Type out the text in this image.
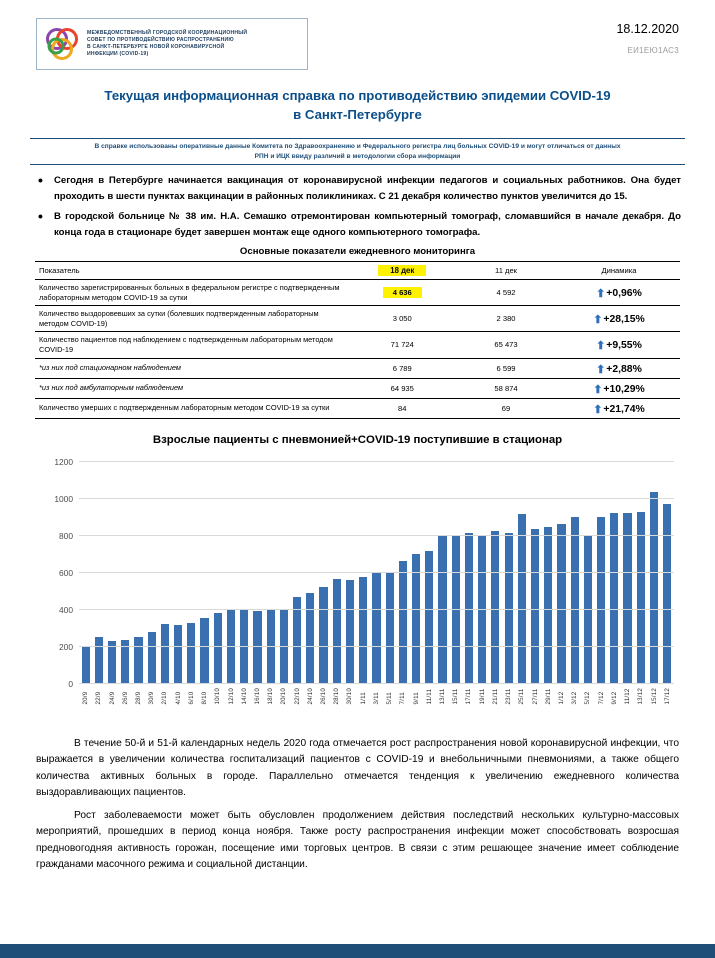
МЕЖВЕДОМСТВЕННЫЙ ГОРОДСКОЙ КООРДИНАЦИОННЫЙ
СОВЕТ ПО ПРОТИВОДЕЙСТВИЮ РАСПРОСТРАНЕНИЮ
В САНКТ-ПЕТЕРБУРГЕ НОВОЙ КОРОНАВИРУСНОЙ
ИНФЕКЦИИ (COVID-19)
18.12.2020
ЕИ1ЕЮ1АС3
Текущая информационная справка по противодействию эпидемии COVID-19
в Санкт-Петербурге
В справке использованы оперативные данные Комитета по Здравоохранению и Федерального регистра лиц больных COVID-19 и могут отличаться от данных
РПН и ИЦК ввиду различий в методологии сбора информации
• Сегодня в Петербурге начинается вакцинация от коронавирусной инфекции педагогов и социальных работников. Она будет проходить в шести пунктах вакцинации в районных поликлиниках. С 21 декабря количество пунктов увеличится до 15.
• В городской больнице № 38 им. Н.А. Семашко отремонтирован компьютерный томограф, сломавшийся в начале декабря. До конца года в стационаре будет завершен монтаж еще одного компьютерного томографа.
Основные показатели ежедневного мониторинга
Показатель	18 дек	11 дек	Динамика
Количество зарегистрированных больных в федеральном регистре с подтвержденным лабораторным методом COVID-19 за сутки	4 636	4 592	⬆+0,96%
Количество выздоровевших за сутки (болевших подтвержденным лабораторным методом COVID-19)	3 050	2 380	⬆+28,15%
Количество пациентов под наблюдением с подтвержденным лабораторным методом COVID-19	71 724	65 473	⬆+9,55%
*из них под стационарном наблюдением	6 789	6 599	⬆+2,88%
*из них под амбулаторным наблюдением	64 935	58 874	⬆+10,29%
Количество умерших с подтвержденным лабораторным методом COVID-19 за сутки	84	69	⬆+21,74%
Взрослые пациенты с пневмонией+COVID-19 поступившие в стационар
0
200
400
600
800
1000
1200
20/9 22/9 24/9 26/9 28/9 30/9 2/10 4/10 6/10 8/10 10/10 12/10 14/10 16/10 18/10 20/10 22/10 24/10 26/10 28/10 30/10 1/11 3/11 5/11 7/11 9/11 11/11 13/11 15/11 17/11 19/11 21/11 23/11 25/11 27/11 29/11 1/12 3/12 5/12 7/12 9/12 11/12 13/12 15/12 17/12

В течение 50-й и 51-й календарных недель 2020 года отмечается рост распространения новой коронавирусной инфекции, что выражается в увеличении количества госпитализаций пациентов с COVID-19 и внебольничными пневмониями, а также общего количества активных больных в городе. Параллельно отмечается тенденция к увеличению ежедневного количества выздоравливающих пациентов.

Рост заболеваемости может быть обусловлен продолжением действия последствий нескольких культурно-массовых мероприятий, прошедших в период конца ноября. Также росту распространения инфекции может способствовать возросшая предновогодняя активность горожан, посещение ими торговых центров. В связи с этим решающее значение имеет соблюдение гражданами масочного режима и социальной дистанции.
